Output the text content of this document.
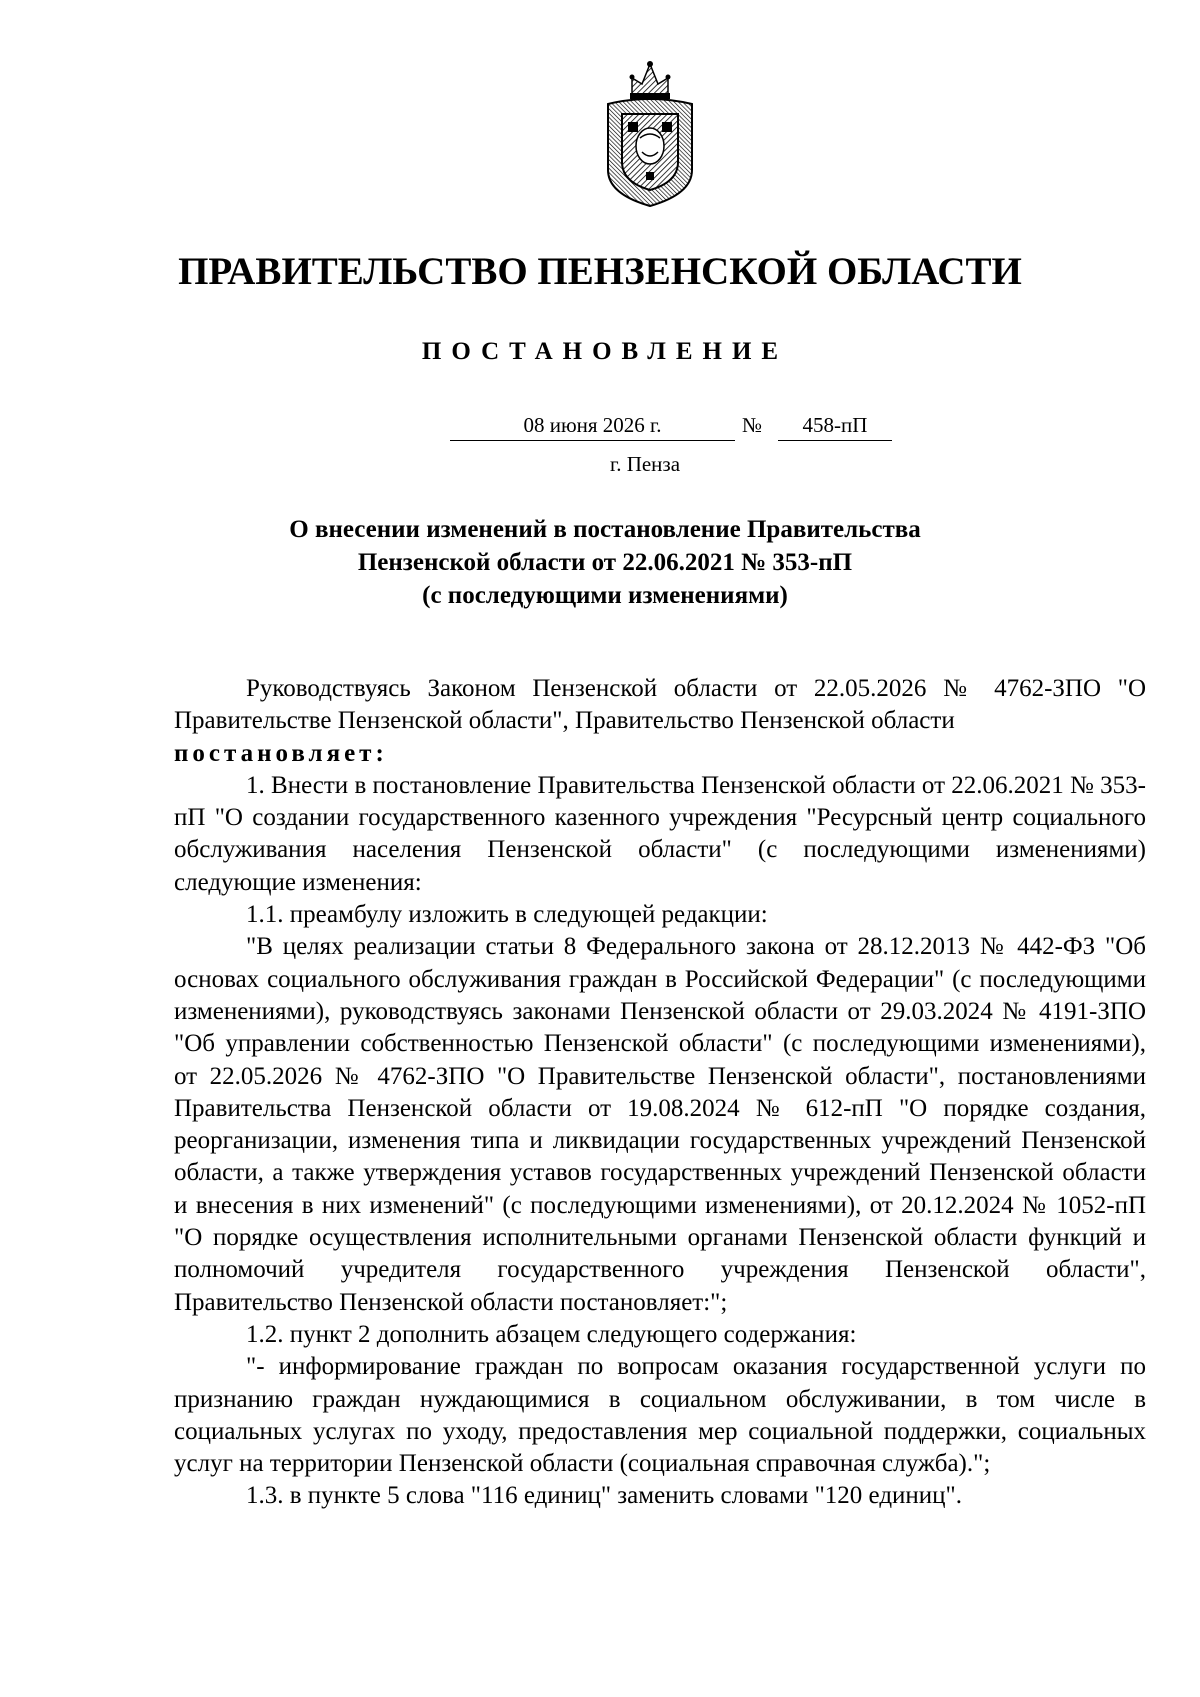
ПРАВИТЕЛЬСТВО ПЕНЗЕНСКОЙ ОБЛАСТИ
ПОСТАНОВЛЕНИЕ
08 июня 2026 г.	№	458-пП
г. Пенза
О внесении изменений в постановление Правительства
Пензенской области от 22.06.2021 № 353-пП
(с последующими изменениями)

Руководствуясь Законом Пензенской области от 22.05.2026 № 4762-ЗПО "О Правительстве Пензенской области", Правительство Пензенской области

постановляет:

1. Внести в постановление Правительства Пензенской области от 22.06.2021 № 353-пП "О создании государственного казенного учреждения "Ресурсный центр социального обслуживания населения Пензенской области" (с последующими изменениями) следующие изменения:

1.1. преамбулу изложить в следующей редакции:

"В целях реализации статьи 8 Федерального закона от 28.12.2013 № 442-ФЗ "Об основах социального обслуживания граждан в Российской Федерации" (с последующими изменениями), руководствуясь законами Пензенской области от 29.03.2024 № 4191-ЗПО "Об управлении собственностью Пензенской области" (с последующими изменениями), от 22.05.2026 № 4762-ЗПО "О Правительстве Пензенской области", постановлениями Правительства Пензенской области от 19.08.2024 № 612-пП "О порядке создания, реорганизации, изменения типа и ликвидации государственных учреждений Пензенской области, а также утверждения уставов государственных учреждений Пензенской области и внесения в них изменений" (с последующими изменениями), от 20.12.2024 № 1052-пП "О порядке осуществления исполнительными органами Пензенской области функций и полномочий учредителя государственного учреждения Пензенской области", Правительство Пензенской области постановляет:";

1.2. пункт 2 дополнить абзацем следующего содержания:

"- информирование граждан по вопросам оказания государственной услуги по признанию граждан нуждающимися в социальном обслуживании, в том числе в социальных услугах по уходу, предоставления мер социальной поддержки, социальных услуг на территории Пензенской области (социальная справочная служба).";

1.3. в пункте 5 слова "116 единиц" заменить словами "120 единиц".
